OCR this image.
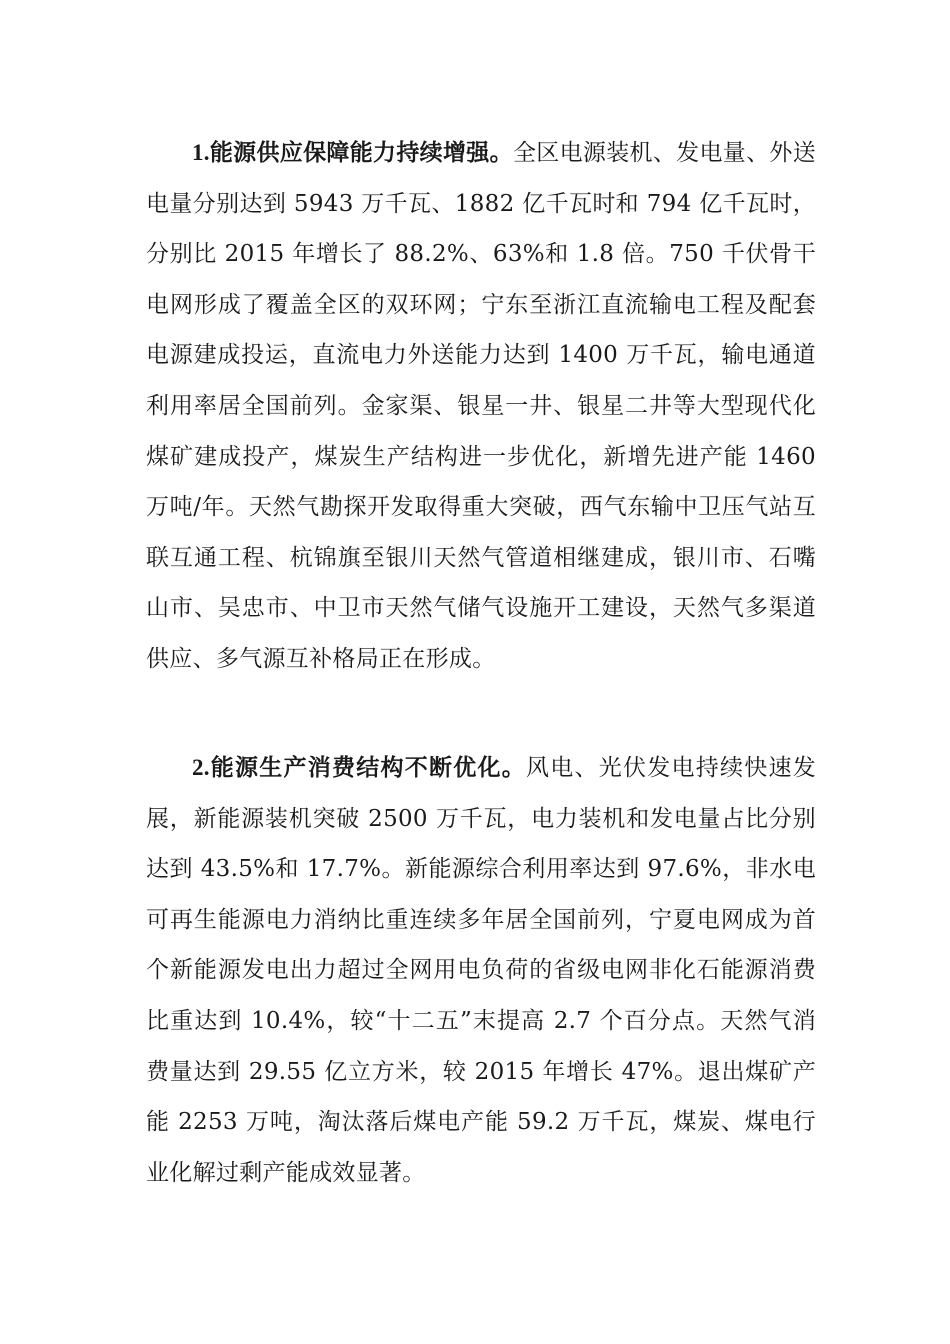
1.能源供应保障能力持续增强。全区电源装机、发电量、外送电量分别达到 5943 万千瓦、1882 亿千瓦时和 794 亿千瓦时，分别比 2015 年增长了 88.2%、63%和 1.8 倍。750 千伏骨干电网形成了覆盖全区的双环网；宁东至浙江直流输电工程及配套电源建成投运，直流电力外送能力达到 1400 万千瓦，输电通道利用率居全国前列。金家渠、银星一井、银星二井等大型现代化煤矿建成投产，煤炭生产结构进一步优化，新增先进产能 1460 万吨/年。天然气勘探开发取得重大突破，西气东输中卫压气站互联互通工程、杭锦旗至银川天然气管道相继建成，银川市、石嘴山市、吴忠市、中卫市天然气储气设施开工建设，天然气多渠道供应、多气源互补格局正在形成。

2.能源生产消费结构不断优化。风电、光伏发电持续快速发展，新能源装机突破 2500 万千瓦，电力装机和发电量占比分别达到 43.5%和 17.7%。新能源综合利用率达到 97.6%，非水电可再生能源电力消纳比重连续多年居全国前列，宁夏电网成为首个新能源发电出力超过全网用电负荷的省级电网非化石能源消费比重达到 10.4%，较“十二五”末提高 2.7 个百分点。天然气消费量达到 29.55 亿立方米，较 2015 年增长 47%。退出煤矿产能 2253 万吨，淘汰落后煤电产能 59.2 万千瓦，煤炭、煤电行业化解过剩产能成效显著。
